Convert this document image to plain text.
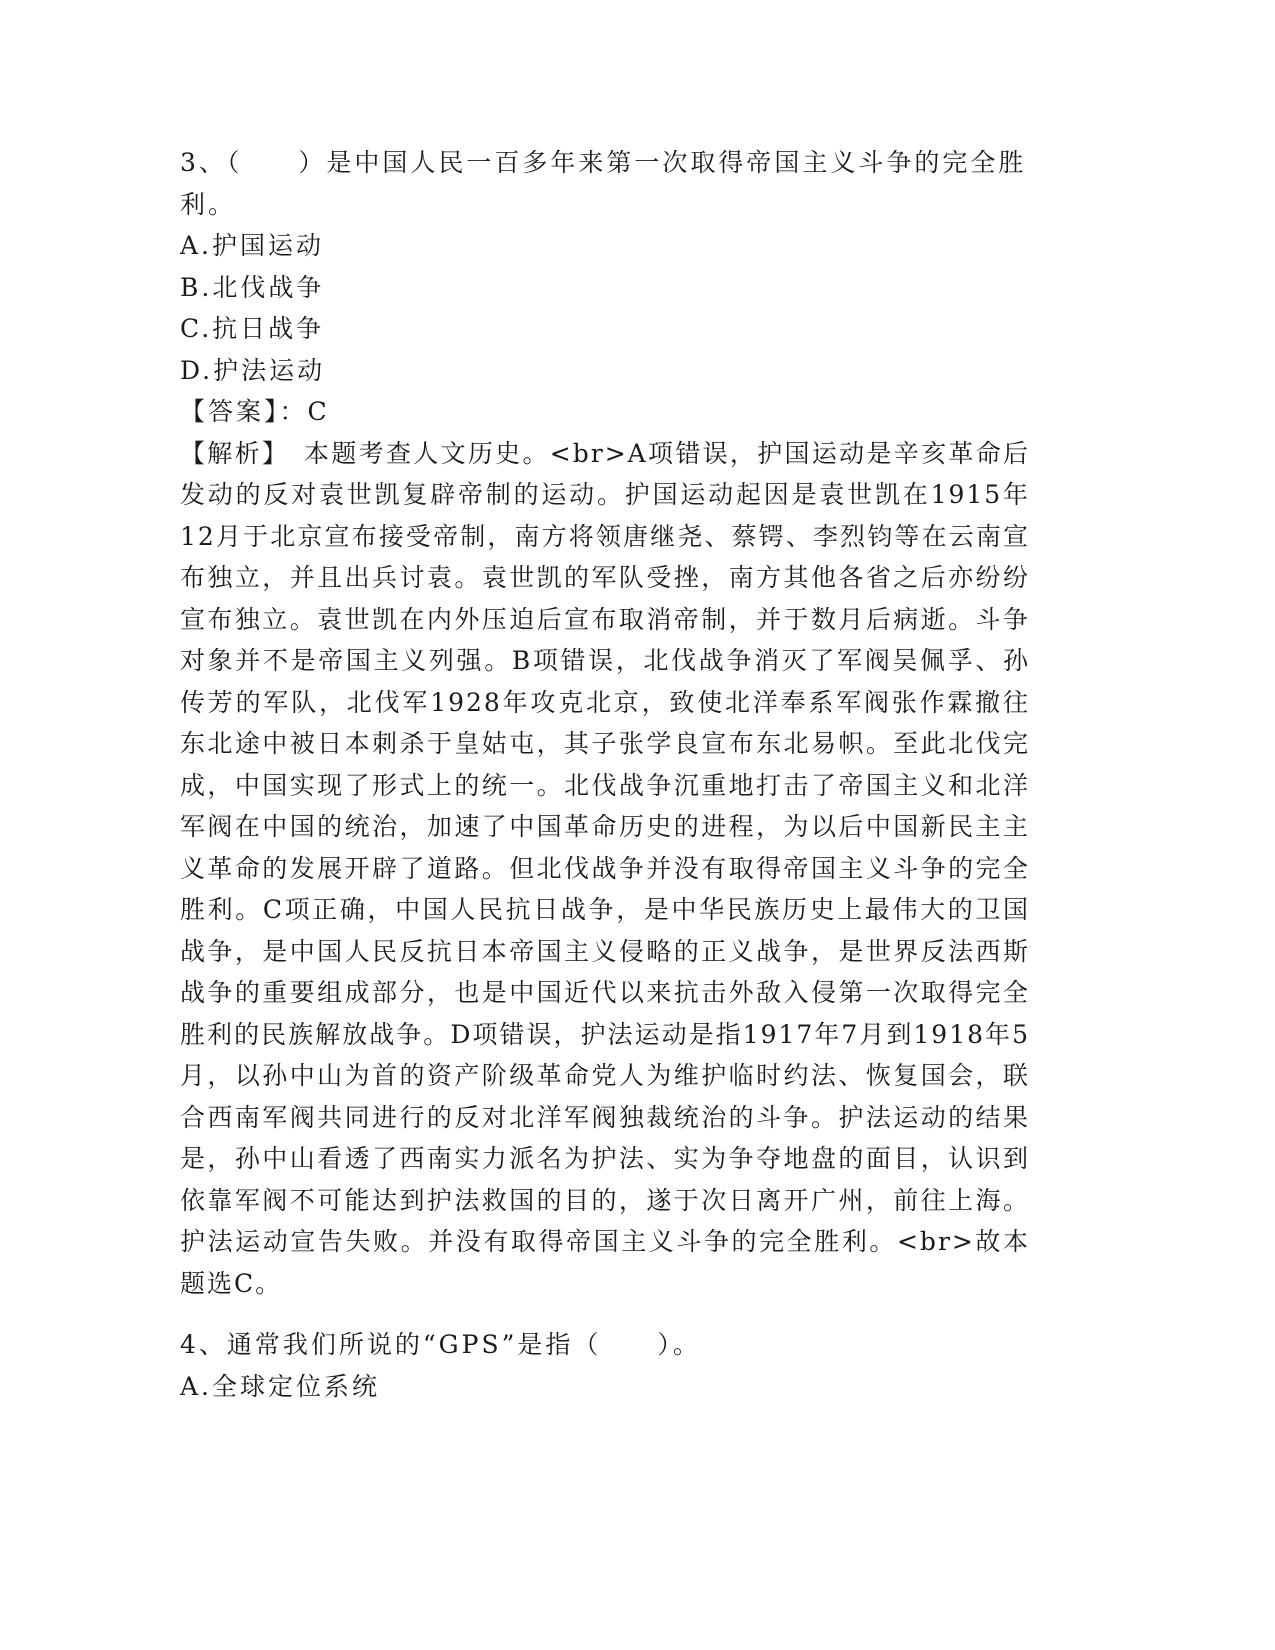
3、（　　）是中国人民一百多年来第一次取得帝国主义斗争的完全胜
利。
A.护国运动
B.北伐战争
C.抗日战争
D.护法运动
【答案】：C

【解析】　本题考查人文历史。<br>A项错误，护国运动是辛亥革命后发动的反对袁世凯复辟帝制的运动。护国运动起因是袁世凯在1915年12月于北京宣布接受帝制，南方将领唐继尧、蔡锷、李烈钧等在云南宣布独立，并且出兵讨袁。袁世凯的军队受挫，南方其他各省之后亦纷纷宣布独立。袁世凯在内外压迫后宣布取消帝制，并于数月后病逝。斗争对象并不是帝国主义列强。B项错误，北伐战争消灭了军阀吴佩孚、孙传芳的军队，北伐军1928年攻克北京，致使北洋奉系军阀张作霖撤往东北途中被日本刺杀于皇姑屯，其子张学良宣布东北易帜。至此北伐完成，中国实现了形式上的统一。北伐战争沉重地打击了帝国主义和北洋军阀在中国的统治，加速了中国革命历史的进程，为以后中国新民主主义革命的发展开辟了道路。但北伐战争并没有取得帝国主义斗争的完全胜利。C项正确，中国人民抗日战争，是中华民族历史上最伟大的卫国战争，是中国人民反抗日本帝国主义侵略的正义战争，是世界反法西斯战争的重要组成部分，也是中国近代以来抗击外敌入侵第一次取得完全胜利的民族解放战争。D项错误，护法运动是指1917年7月到1918年5月，以孙中山为首的资产阶级革命党人为维护临时约法、恢复国会，联合西南军阀共同进行的反对北洋军阀独裁统治的斗争。护法运动的结果是，孙中山看透了西南实力派名为护法、实为争夺地盘的面目，认识到依靠军阀不可能达到护法救国的目的，遂于次日离开广州，前往上海。护法运动宣告失败。并没有取得帝国主义斗争的完全胜利。<br>故本题选C。

4、通常我们所说的“GPS”是指（　　）。
A.全球定位系统
